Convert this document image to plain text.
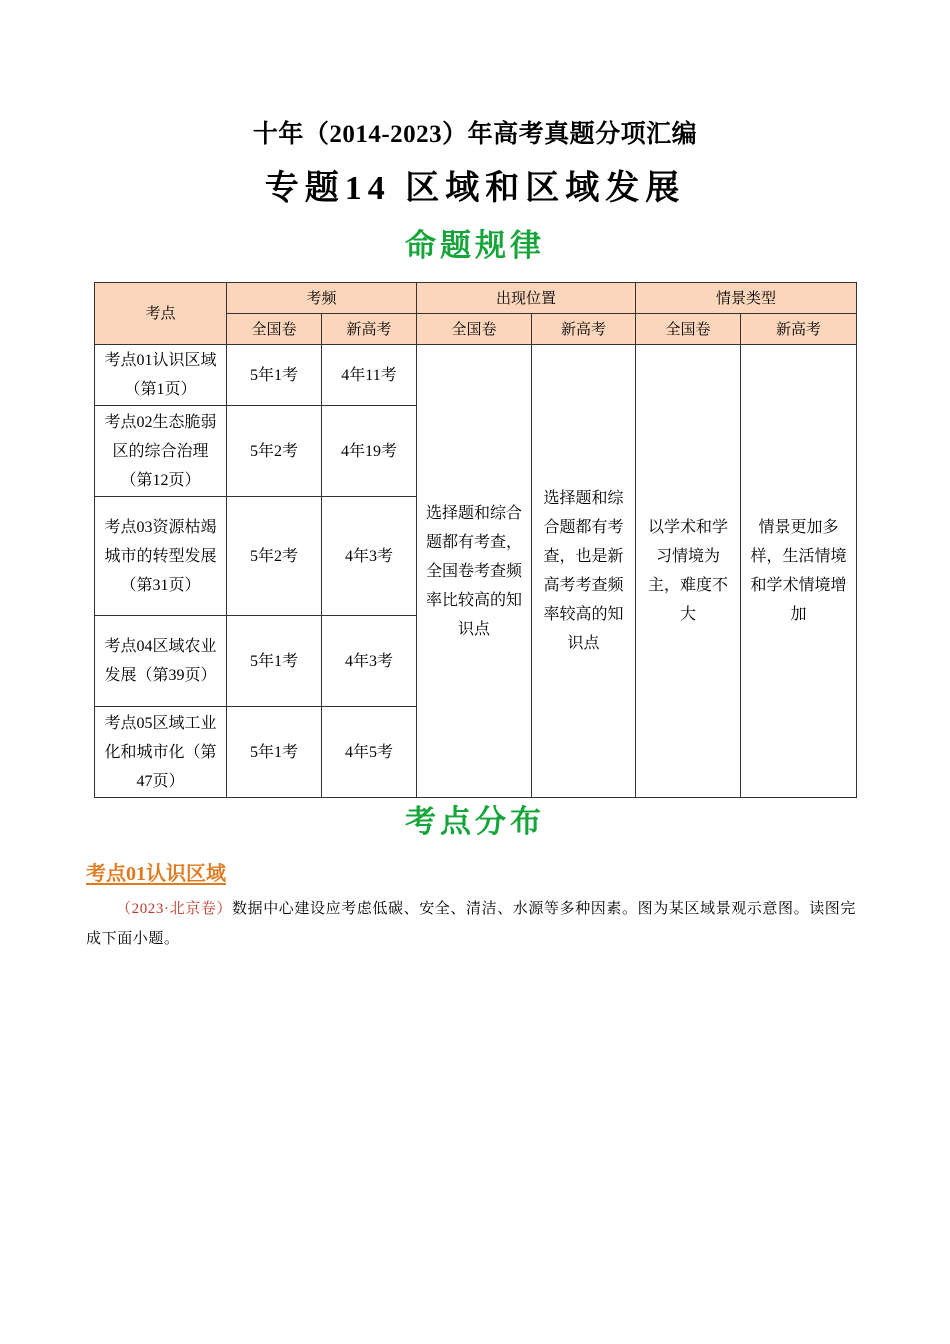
十年（2014-2023）年高考真题分项汇编
专题14 区域和区域发展
命题规律
考点	考频		出现位置		情景类型	
	全国卷	新高考	全国卷	新高考	全国卷	新高考
考点01认识区域（第1页）	5年1考	4年11考	选择题和综合题都有考查，全国卷考查频率比较高的知识点	选择题和综合题都有考查，也是新高考考查频率较高的知识点	以学术和学习情境为主，难度不大	情景更加多样，生活情境和学术情境增加
考点02生态脆弱区的综合治理（第12页）	5年2考	4年19考				
考点03资源枯竭城市的转型发展（第31页）	5年2考	4年3考				
考点04区域农业发展（第39页）	5年1考	4年3考				
考点05区域工业化和城市化（第47页）	5年1考	4年5考				
考点分布
考点01认识区域
（2023·北京卷）数据中心建设应考虑低碳、安全、清洁、水源等多种因素。图为某区域景观示意图。读图完成下面小题。
